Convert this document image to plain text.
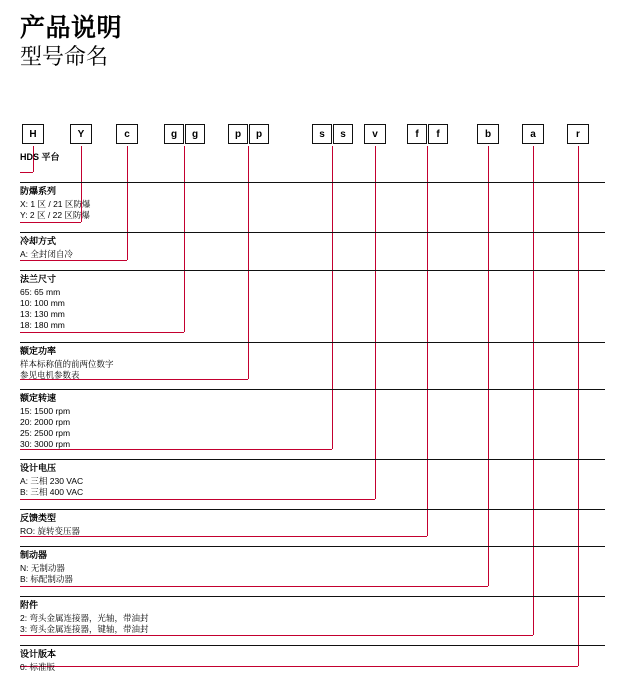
产品说明
型号命名
H	Y	c	g	g	p	p	s	s	v	f	f	b	a	r
HDS 平台
防爆系列
X: 1 区 / 21 区防爆
Y: 2 区 / 22 区防爆
冷却方式
A: 全封闭自冷
法兰尺寸
65: 65 mm
10: 100 mm
13: 130 mm
18: 180 mm
额定功率
样本标称值的前两位数字
参见电机参数表
额定转速
15: 1500 rpm
20: 2000 rpm
25: 2500 rpm
30: 3000 rpm
设计电压
A: 三相 230 VAC
B: 三相 400 VAC
反馈类型
RO: 旋转变压器
制动器
N: 无制动器
B: 标配制动器
附件
2: 弯头金属连接器，光轴，带油封
3: 弯头金属连接器，键轴，带油封
设计版本
0: 标准版
